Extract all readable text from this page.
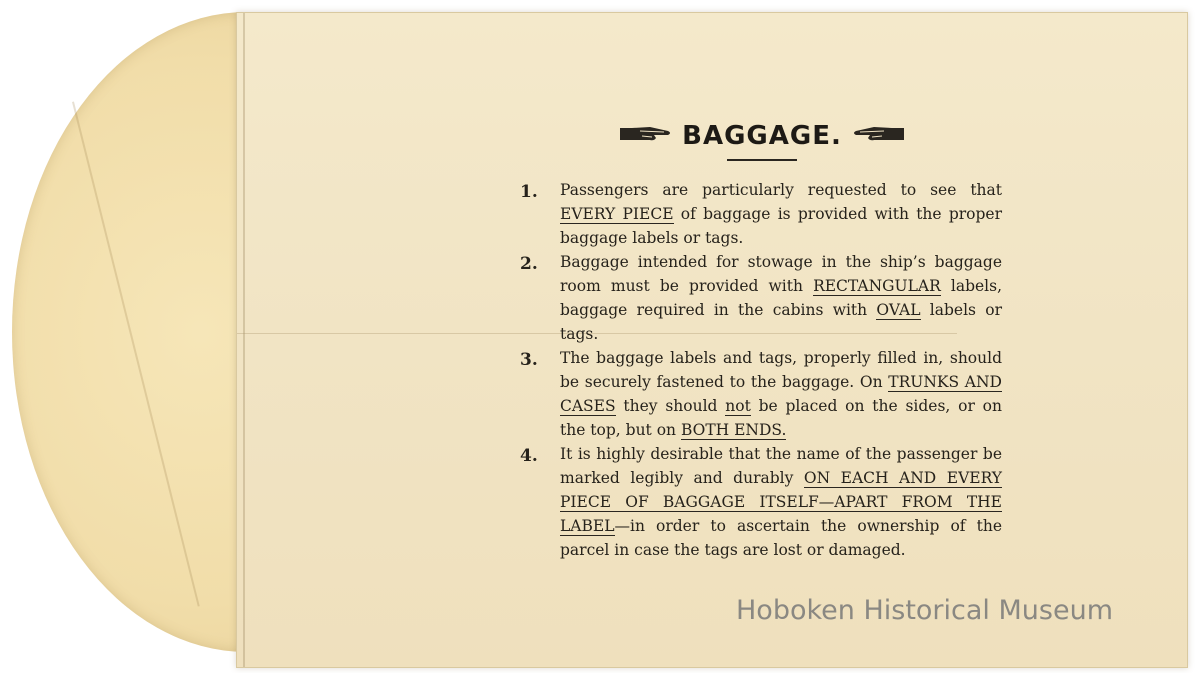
BAGGAGE.
1. Passengers are particularly requested to see that EVERY PIECE of baggage is provided with the proper baggage labels or tags.
2. Baggage intended for stowage in the ship’s baggage room must be provided with RECTANGULAR labels, baggage required in the cabins with OVAL labels or tags.
3. The baggage labels and tags, properly filled in, should be securely fastened to the baggage. On TRUNKS AND CASES they should not be placed on the sides, or on the top, but on BOTH ENDS.
4. It is highly desirable that the name of the passenger be marked legibly and durably ON EACH AND EVERY PIECE OF BAGGAGE ITSELF—APART FROM THE LABEL—in order to ascertain the ownership of the parcel in case the tags are lost or damaged.
Hoboken Historical Museum
